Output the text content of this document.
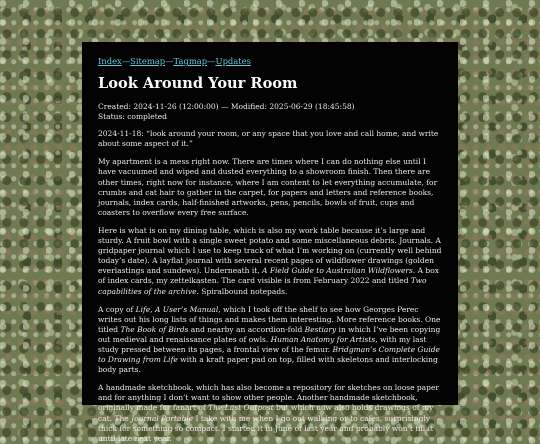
Index—Sitemap—Tagmap—Updates
Look Around Your Room

Created: 2024-11-26 (12:00:00) — Modified: 2025-06-29 (18:45:58)
Status: completed

2024-11-18: “look around your room, or any space that you love and call home, and write about some aspect of it.”

My apartment is a mess right now. There are times where I can do nothing else until I have vacuumed and wiped and dusted everything to a showroom finish. Then there are other times, right now for instance, where I am content to let everything accumulate, for crumbs and cat hair to gather in the carpet, for papers and letters and reference books, journals, index cards, half-finished artworks, pens, pencils, bowls of fruit, cups and coasters to overflow every free surface.

Here is what is on my dining table, which is also my work table because it’s large and sturdy. A fruit bowl with a single sweet potato and some miscellaneous debris. Journals. A gridpaper journal which I use to keep track of what I’m working on (currently well behind today’s date). A layflat journal with several recent pages of wildflower drawings (golden everlastings and sundews). Underneath it, A Field Guide to Australian Wildflowers. A box of index cards, my zettelkasten. The card visible is from February 2022 and titled Two capabilities of the archive. Spiralbound notepads.

A copy of Life, A User’s Manual, which I took off the shelf to see how Georges Perec writes out his long lists of things and makes them interesting. More reference books. One titled The Book of Birds and nearby an accordion-fold Bestiary in which I’ve been copying out medieval and renaissance plates of owls. Human Anatomy for Artists, with my last study pressed between its pages, a frontal view of the femur. Bridgman’s Complete Guide to Drawing from Life with a kraft paper pad on top, filled with skeletons and interlocking body parts.

A handmade sketchbook, which has also become a repository for sketches on loose paper and for anything I don’t want to show other people. Another handmade sketchbook, originally made for fanart of The Last Outpost but which now also holds drawings of my cat. The Journal Portable I take with me when I go out walking or to cafes, surprisingly thick for something so compact. I started it in June of last year and probably won’t fill it until late next year.
